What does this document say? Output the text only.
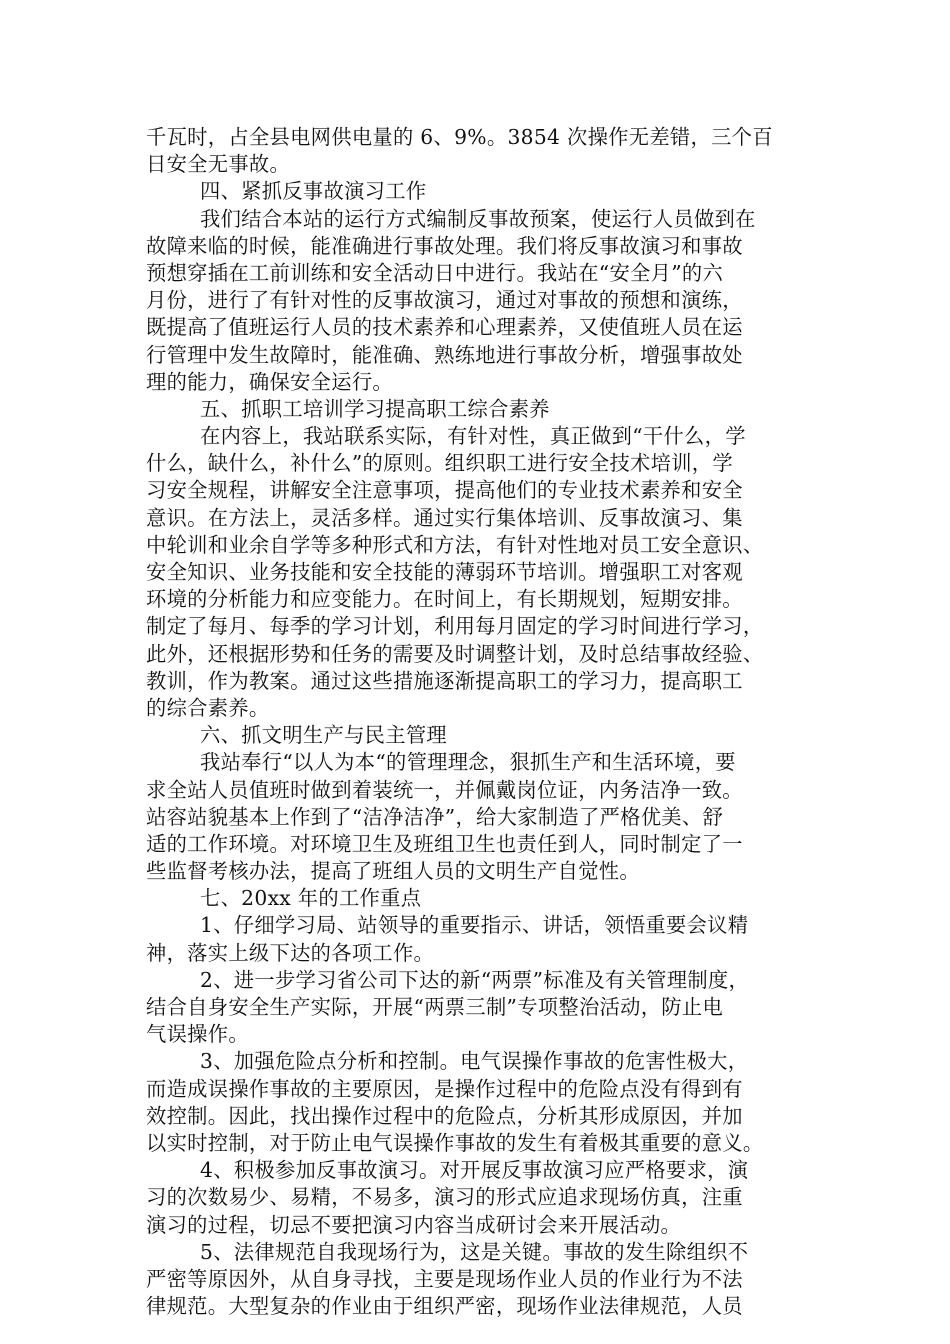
千瓦时，占全县电网供电量的 6、9%。3854 次操作无差错，三个百
日安全无事故。
四、紧抓反事故演习工作
我们结合本站的运行方式编制反事故预案，使运行人员做到在
故障来临的时候，能准确进行事故处理。我们将反事故演习和事故
预想穿插在工前训练和安全活动日中进行。我站在“安全月”的六
月份，进行了有针对性的反事故演习，通过对事故的预想和演练，
既提高了值班运行人员的技术素养和心理素养，又使值班人员在运
行管理中发生故障时，能准确、熟练地进行事故分析，增强事故处
理的能力，确保安全运行。
五、抓职工培训学习提高职工综合素养
在内容上，我站联系实际，有针对性，真正做到“干什么，学
什么，缺什么，补什么”的原则。组织职工进行安全技术培训，学
习安全规程，讲解安全注意事项，提高他们的专业技术素养和安全
意识。在方法上，灵活多样。通过实行集体培训、反事故演习、集
中轮训和业余自学等多种形式和方法，有针对性地对员工安全意识、
安全知识、业务技能和安全技能的薄弱环节培训。增强职工对客观
环境的分析能力和应变能力。在时间上，有长期规划，短期安排。
制定了每月、每季的学习计划，利用每月固定的学习时间进行学习，
此外，还根据形势和任务的需要及时调整计划，及时总结事故经验、
教训，作为教案。通过这些措施逐渐提高职工的学习力，提高职工
的综合素养。
六、抓文明生产与民主管理
我站奉行“以人为本“的管理理念，狠抓生产和生活环境，要
求全站人员值班时做到着装统一，并佩戴岗位证，内务洁净一致。
站容站貌基本上作到了“洁净洁净”，给大家制造了严格优美、舒
适的工作环境。对环境卫生及班组卫生也责任到人，同时制定了一
些监督考核办法，提高了班组人员的文明生产自觉性。
七、20xx 年的工作重点
1、仔细学习局、站领导的重要指示、讲话，领悟重要会议精
神，落实上级下达的各项工作。
2、进一步学习省公司下达的新“两票”标准及有关管理制度，
结合自身安全生产实际，开展“两票三制”专项整治活动，防止电
气误操作。
3、加强危险点分析和控制。电气误操作事故的危害性极大，
而造成误操作事故的主要原因，是操作过程中的危险点没有得到有
效控制。因此，找出操作过程中的危险点，分析其形成原因，并加
以实时控制，对于防止电气误操作事故的发生有着极其重要的意义。
4、积极参加反事故演习。对开展反事故演习应严格要求，演
习的次数易少、易精，不易多，演习的形式应追求现场仿真，注重
演习的过程，切忌不要把演习内容当成研讨会来开展活动。
5、法律规范自我现场行为，这是关键。事故的发生除组织不
严密等原因外，从自身寻找，主要是现场作业人员的作业行为不法
律规范。大型复杂的作业由于组织严密，现场作业法律规范，人员
